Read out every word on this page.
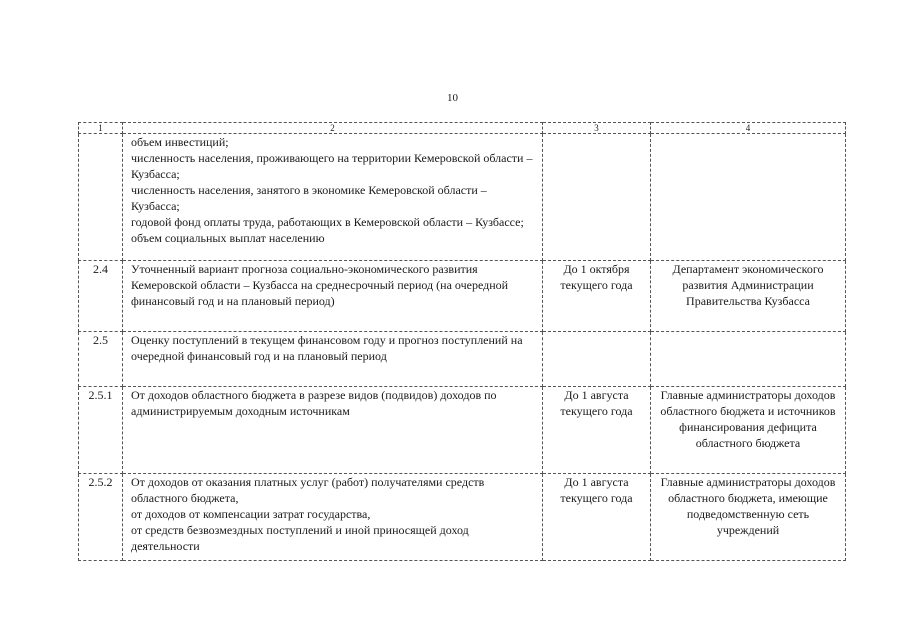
10
1	2	3	4
	объем инвестиций;
численность населения, проживающего на территории Кемеровской области – Кузбасса;
численность населения, занятого в экономике Кемеровской области – Кузбасса;
годовой фонд оплаты труда, работающих в Кемеровской области – Кузбассе;
объем социальных выплат населению		
2.4	Уточненный вариант прогноза социально-экономического развития Кемеровской области – Кузбасса на среднесрочный период (на очередной финансовый год и на плановый период)	До 1 октября текущего года	Департамент экономического развития Администрации Правительства Кузбасса
2.5	Оценку поступлений в текущем финансовом году и прогноз поступлений на очередной финансовый год и на плановый период		
2.5.1	От доходов областного бюджета в разрезе видов (подвидов) доходов по администрируемым доходным источникам	До 1 августа текущего года	Главные администраторы доходов областного бюджета и источников финансирования дефицита областного бюджета
2.5.2	От доходов от оказания платных услуг (работ) получателями средств областного бюджета,
от доходов от компенсации затрат государства,
от средств безвозмездных поступлений и иной приносящей доход деятельности	До 1 августа текущего года	Главные администраторы доходов областного бюджета, имеющие подведомственную сеть учреждений
